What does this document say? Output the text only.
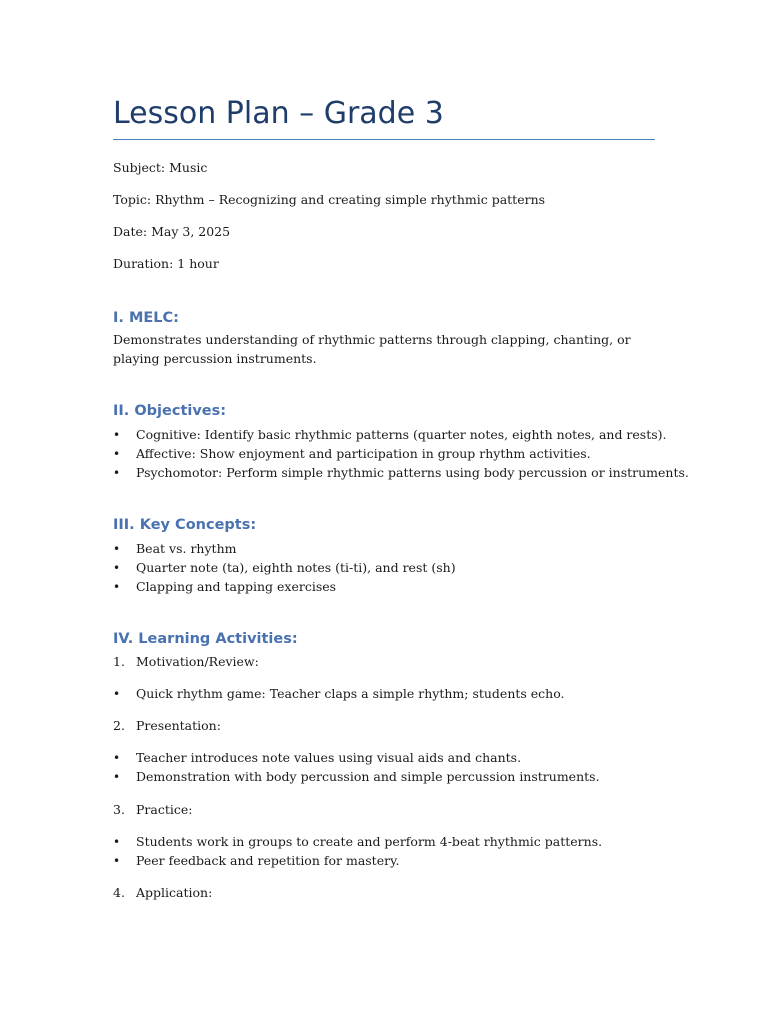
Lesson Plan – Grade 3

Subject: Music

Topic: Rhythm – Recognizing and creating simple rhythmic patterns

Date: May 3, 2025

Duration: 1 hour

I. MELC:

Demonstrates understanding of rhythmic patterns through clapping, chanting, or playing percussion instruments.

II. Objectives:
•	Cognitive: Identify basic rhythmic patterns (quarter notes, eighth notes, and rests).
•	Affective: Show enjoyment and participation in group rhythm activities.
•	Psychomotor: Perform simple rhythmic patterns using body percussion or instruments.
III. Key Concepts:
•	Beat vs. rhythm
•	Quarter note (ta), eighth notes (ti-ti), and rest (sh)
•	Clapping and tapping exercises
IV. Learning Activities:
1. Motivation/Review:
•	Quick rhythm game: Teacher claps a simple rhythm; students echo.
2. Presentation:
•	Teacher introduces note values using visual aids and chants.
•	Demonstration with body percussion and simple percussion instruments.
3. Practice:
•	Students work in groups to create and perform 4-beat rhythmic patterns.
•	Peer feedback and repetition for mastery.
4. Application:
